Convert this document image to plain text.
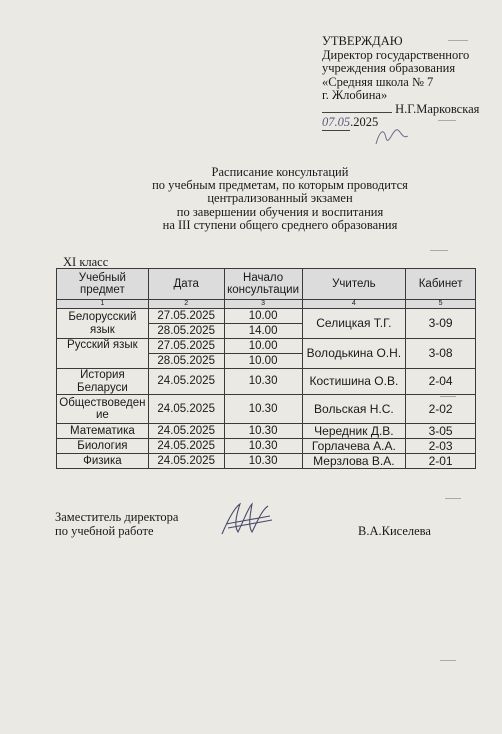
УТВЕРЖДАЮ
Директор государственного
учреждения образования
«Средняя школа № 7
г. Жлобина»
Н.Г.Марковская
07.05.2025
Расписание консультаций
по учебным предметам, по которым проводится
централизованный экзамен
по завершении обучения и воспитания
на III ступени общего среднего образования
XI класс
Учебный предмет	Дата	Начало консультации	Учитель	Кабинет
1	2	3	4	5
Белорусский язык	27.05.2025	10.00	Селицкая Т.Г.	3-09
	28.05.2025	14.00		
Русский язык	27.05.2025	10.00	Володькина О.Н.	3-08
	28.05.2025	10.00		
История Беларуси	24.05.2025	10.30	Костишина О.В.	2-04
Обществоведение	24.05.2025	10.30	Вольская Н.С.	2-02
Математика	24.05.2025	10.30	Чередник Д.В.	3-05
Биология	24.05.2025	10.30	Горлачева А.А.	2-03
Физика	24.05.2025	10.30	Мерзлова В.А.	2-01
Заместитель директора
по учебной работе	В.А.Киселева
